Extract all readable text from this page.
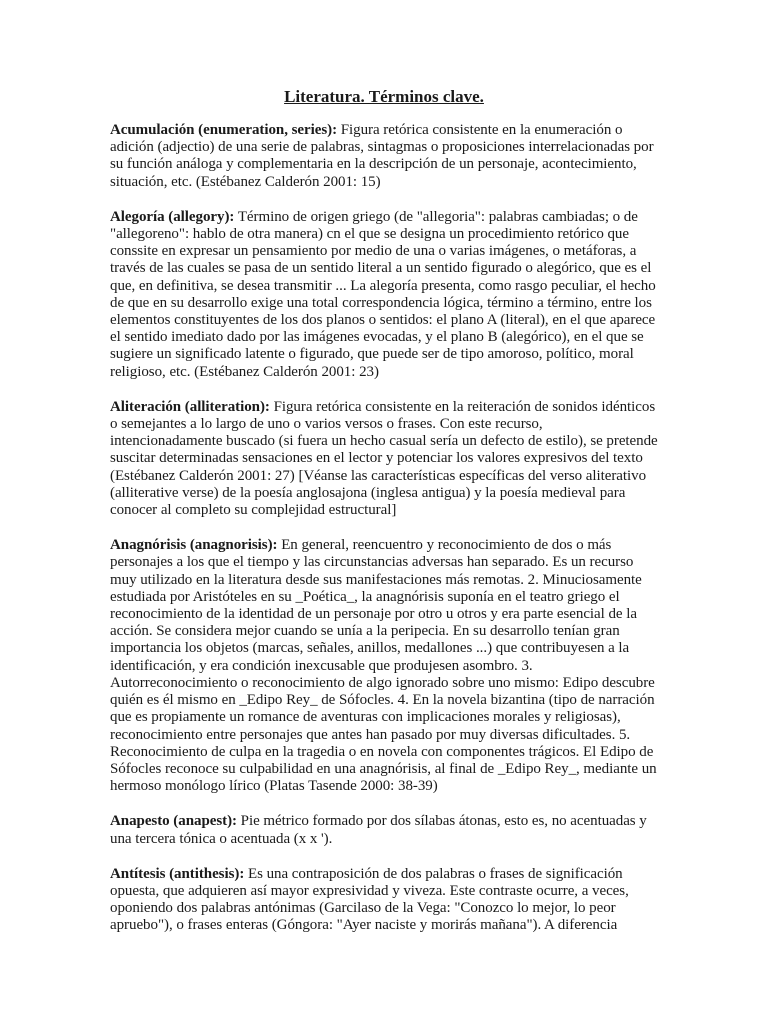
Literatura. Términos clave.

Acumulación (enumeration, series): Figura retórica consistente en la enumeración o adición (adjectio) de una serie de palabras, sintagmas o proposiciones interrelacionadas por su función análoga y complementaria en la descripción de un personaje, acontecimiento, situación, etc. (Estébanez Calderón 2001: 15)

Alegoría (allegory): Término de origen griego (de "allegoria": palabras cambiadas; o de "allegoreno": hablo de otra manera) cn el que se designa un procedimiento retórico que conssite en expresar un pensamiento por medio de una o varias imágenes, o metáforas, a través de las cuales se pasa de un sentido literal a un sentido figurado o alegórico, que es el que, en definitiva, se desea transmitir ... La alegoría presenta, como rasgo peculiar, el hecho de que en su desarrollo exige una total correspondencia lógica, término a término, entre los elementos constituyentes de los dos planos o sentidos: el plano A (literal), en el que aparece el sentido imediato dado por las imágenes evocadas, y el plano B (alegórico), en el que se sugiere un significado latente o figurado, que puede ser de tipo amoroso, político, moral religioso, etc. (Estébanez Calderón 2001: 23)

Aliteración (alliteration): Figura retórica consistente en la reiteración de sonidos idénticos o semejantes a lo largo de uno o varios versos o frases. Con este recurso, intencionadamente buscado (si fuera un hecho casual sería un defecto de estilo), se pretende suscitar determinadas sensaciones en el lector y potenciar los valores expresivos del texto (Estébanez Calderón 2001: 27) [Véanse las características específicas del verso aliterativo (alliterative verse) de la poesía anglosajona (inglesa antigua) y la poesía medieval para conocer al completo su complejidad estructural]

Anagnórisis (anagnorisis): En general, reencuentro y reconocimiento de dos o más personajes a los que el tiempo y las circunstancias adversas han separado. Es un recurso muy utilizado en la literatura desde sus manifestaciones más remotas. 2. Minuciosamente estudiada por Aristóteles en su _Poética_, la anagnórisis suponía en el teatro griego el reconocimiento de la identidad de un personaje por otro u otros y era parte esencial de la acción. Se considera mejor cuando se unía a la peripecia. En su desarrollo tenían gran importancia los objetos (marcas, señales, anillos, medallones ...) que contribuyesen a la identificación, y era condición inexcusable que produjesen asombro. 3. Autorreconocimiento o reconocimiento de algo ignorado sobre uno mismo: Edipo descubre quién es él mismo en _Edipo Rey_ de Sófocles. 4. En la novela bizantina (tipo de narración que es propiamente un romance de aventuras con implicaciones morales y religiosas), reconocimiento entre personajes que antes han pasado por muy diversas dificultades. 5. Reconocimiento de culpa en la tragedia o en novela con componentes trágicos. El Edipo de Sófocles reconoce su culpabilidad en una anagnórisis, al final de _Edipo Rey_, mediante un hermoso monólogo lírico (Platas Tasende 2000: 38-39)

Anapesto (anapest): Pie métrico formado por dos sílabas átonas, esto es, no acentuadas y una tercera tónica o acentuada (x x ').

Antítesis (antithesis): Es una contraposición de dos palabras o frases de significación opuesta, que adquieren así mayor expresividad y viveza. Este contraste ocurre, a veces, oponiendo dos palabras antónimas (Garcilaso de la Vega: "Conozco lo mejor, lo peor apruebo"), o frases enteras (Góngora: "Ayer naciste y morirás mañana"). A diferencia
